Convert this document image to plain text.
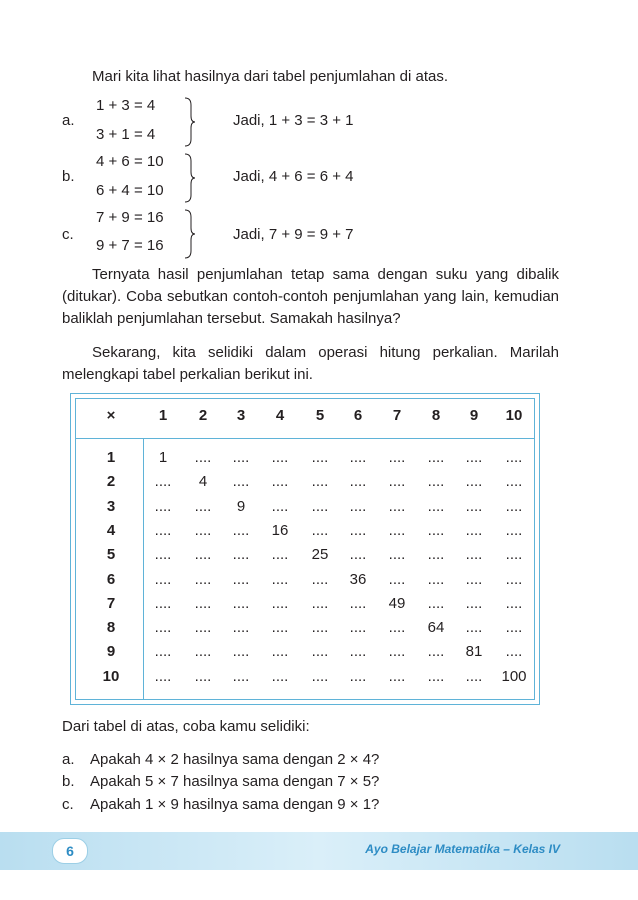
Mari kita lihat hasilnya dari tabel penjumlahan di atas.
a.
1 + 3 = 4
3 + 1 = 4
Jadi, 1 + 3 = 3 + 1
b.
4 + 6 = 10
6 + 4 = 10
Jadi, 4 + 6 = 6 + 4
c.
7 + 9 = 16
9 + 7 = 16
Jadi, 7 + 9 = 9 + 7
Ternyata hasil penjumlahan tetap sama dengan suku yang dibalik (ditukar). Coba sebutkan contoh-contoh penjumlahan yang lain, kemudian baliklah penjumlahan tersebut. Samakah hasilnya?
Sekarang, kita selidiki dalam operasi hitung perkalian. Marilah melengkapi tabel perkalian berikut ini.
×	1	2	3	4	5	6	7	8	9	10
1	1	....	....	....	....	....	....	....	....	....
2	....	4	....	....	....	....	....	....	....	....
3	....	....	9	....	....	....	....	....	....	....
4	....	....	....	16	....	....	....	....	....	....
5	....	....	....	....	25	....	....	....	....	....
6	....	....	....	....	....	36	....	....	....	....
7	....	....	....	....	....	....	49	....	....	....
8	....	....	....	....	....	....	....	64	....	....
9	....	....	....	....	....	....	....	....	81	....
10	....	....	....	....	....	....	....	....	....	100
Dari tabel di atas, coba kamu selidiki:
a. Apakah 4 × 2 hasilnya sama dengan 2 × 4?
b. Apakah 5 × 7 hasilnya sama dengan 7 × 5?
c. Apakah 1 × 9 hasilnya sama dengan 9 × 1?
6	Ayo Belajar Matematika – Kelas IV
